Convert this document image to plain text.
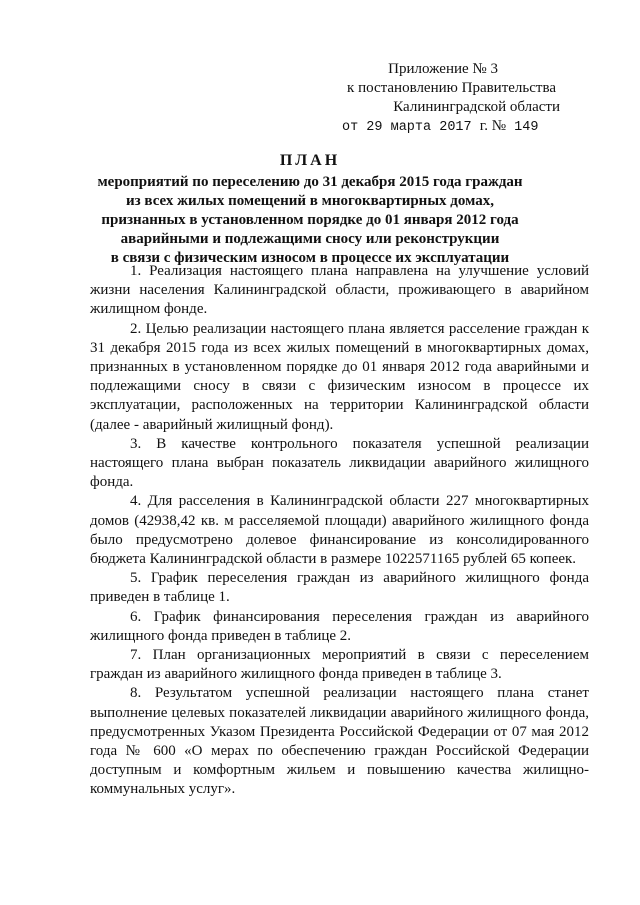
Приложение № 3
к постановлению Правительства
Калининградской области
от 29 марта 2017 г. № 149
ПЛАН
мероприятий по переселению до 31 декабря 2015 года граждан
из всех жилых помещений в многоквартирных домах,
признанных в установленном порядке до 01 января 2012 года
аварийными и подлежащими сносу или реконструкции
в связи с физическим износом в процессе их эксплуатации

1. Реализация настоящего плана направлена на улучшение условий жизни населения Калининградской области, проживающего в аварийном жилищном фонде.

2. Целью реализации настоящего плана является расселение граждан к 31 декабря 2015 года из всех жилых помещений в многоквартирных домах, признанных в установленном порядке до 01 января 2012 года аварийными и подлежащими сносу в связи с физическим износом в процессе их эксплуатации, расположенных на территории Калининградской области (далее - аварийный жилищный фонд).

3. В качестве контрольного показателя успешной реализации настоящего плана выбран показатель ликвидации аварийного жилищного фонда.

4. Для расселения в Калининградской области 227 многоквартирных домов (42938,42 кв. м расселяемой площади) аварийного жилищного фонда было предусмотрено долевое финансирование из консолидированного бюджета Калининградской области в размере 1022571165 рублей 65 копеек.

5. График переселения граждан из аварийного жилищного фонда приведен в таблице 1.

6. График финансирования переселения граждан из аварийного жилищного фонда приведен в таблице 2.

7. План организационных мероприятий в связи с переселением граждан из аварийного жилищного фонда приведен в таблице 3.

8. Результатом успешной реализации настоящего плана станет выполнение целевых показателей ликвидации аварийного жилищного фонда, предусмотренных Указом Президента Российской Федерации от 07 мая 2012 года № 600 «О мерах по обеспечению граждан Российской Федерации доступным и комфортным жильем и повышению качества жилищно-коммунальных услуг».
